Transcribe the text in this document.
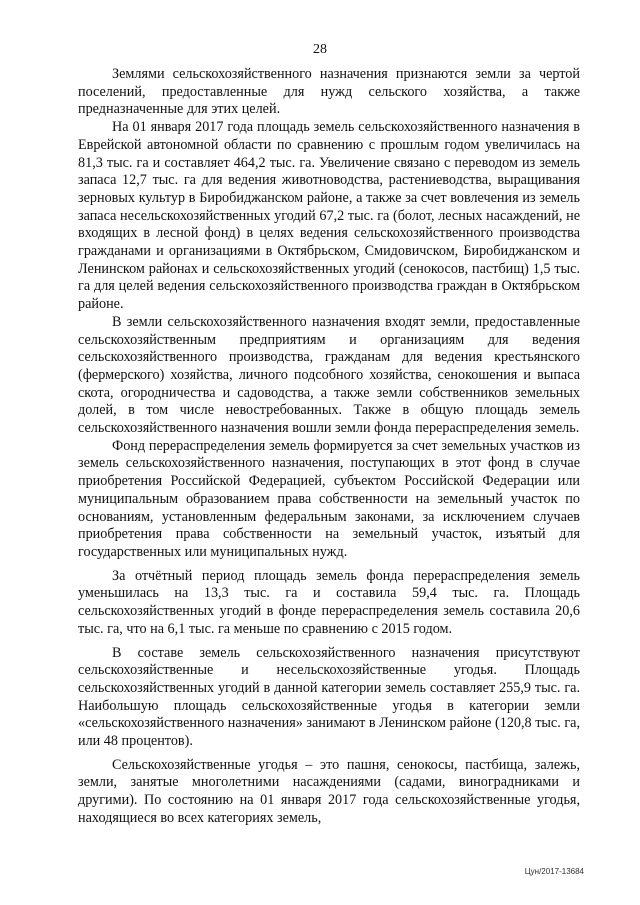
28

Землями сельскохозяйственного назначения признаются земли за чертой поселений, предоставленные для нужд сельского хозяйства, а также предназначенные для этих целей.

На 01 января 2017 года площадь земель сельскохозяйственного назначения в Еврейской автономной области по сравнению с прошлым годом увеличилась на 81,3 тыс. га и составляет 464,2 тыс. га. Увеличение связано с переводом из земель запаса 12,7 тыс. га для ведения животноводства, растениеводства, выращивания зерновых культур в Биробиджанском районе, а также за счет вовлечения из земель запаса несельскохозяйственных угодий 67,2 тыс. га (болот, лесных насаждений, не входящих в лесной фонд) в целях ведения сельскохозяйственного производства гражданами и организациями в Октябрьском, Смидовичском, Биробиджанском и Ленинском районах и сельскохозяйственных угодий (сенокосов, пастбищ) 1,5 тыс. га для целей ведения сельскохозяйственного производства граждан в Октябрьском районе.

В земли сельскохозяйственного назначения входят земли, предоставленные сельскохозяйственным предприятиям и организациям для ведения сельскохозяйственного производства, гражданам для ведения крестьянского (фермерского) хозяйства, личного подсобного хозяйства, сенокошения и выпаса скота, огородничества и садоводства, а также земли собственников земельных долей, в том числе невостребованных. Также в общую площадь земель сельскохозяйственного назначения вошли земли фонда перераспределения земель.

Фонд перераспределения земель формируется за счет земельных участков из земель сельскохозяйственного назначения, поступающих в этот фонд в случае приобретения Российской Федерацией, субъектом Российской Федерации или муниципальным образованием права собственности на земельный участок по основаниям, установленным федеральным законами, за исключением случаев приобретения права собственности на земельный участок, изъятый для государственных или муниципальных нужд.

За отчётный период площадь земель фонда перераспределения земель уменьшилась на 13,3 тыс. га и составила 59,4 тыс. га. Площадь сельскохозяйственных угодий в фонде перераспределения земель составила 20,6 тыс. га, что на 6,1 тыс. га меньше по сравнению с 2015 годом.

В составе земель сельскохозяйственного назначения присутствуют сельскохозяйственные и несельскохозяйственные угодья. Площадь сельскохозяйственных угодий в данной категории земель составляет 255,9 тыс. га. Наибольшую площадь сельскохозяйственные угодья в категории земли «сельскохозяйственного назначения» занимают в Ленинском районе (120,8 тыс. га, или 48 процентов).

Сельскохозяйственные угодья – это пашня, сенокосы, пастбища, залежь, земли, занятые многолетними насаждениями (садами, виноградниками и другими). По состоянию на 01 января 2017 года сельскохозяйственные угодья, находящиеся во всех категориях земель,

Цун/2017-13684
